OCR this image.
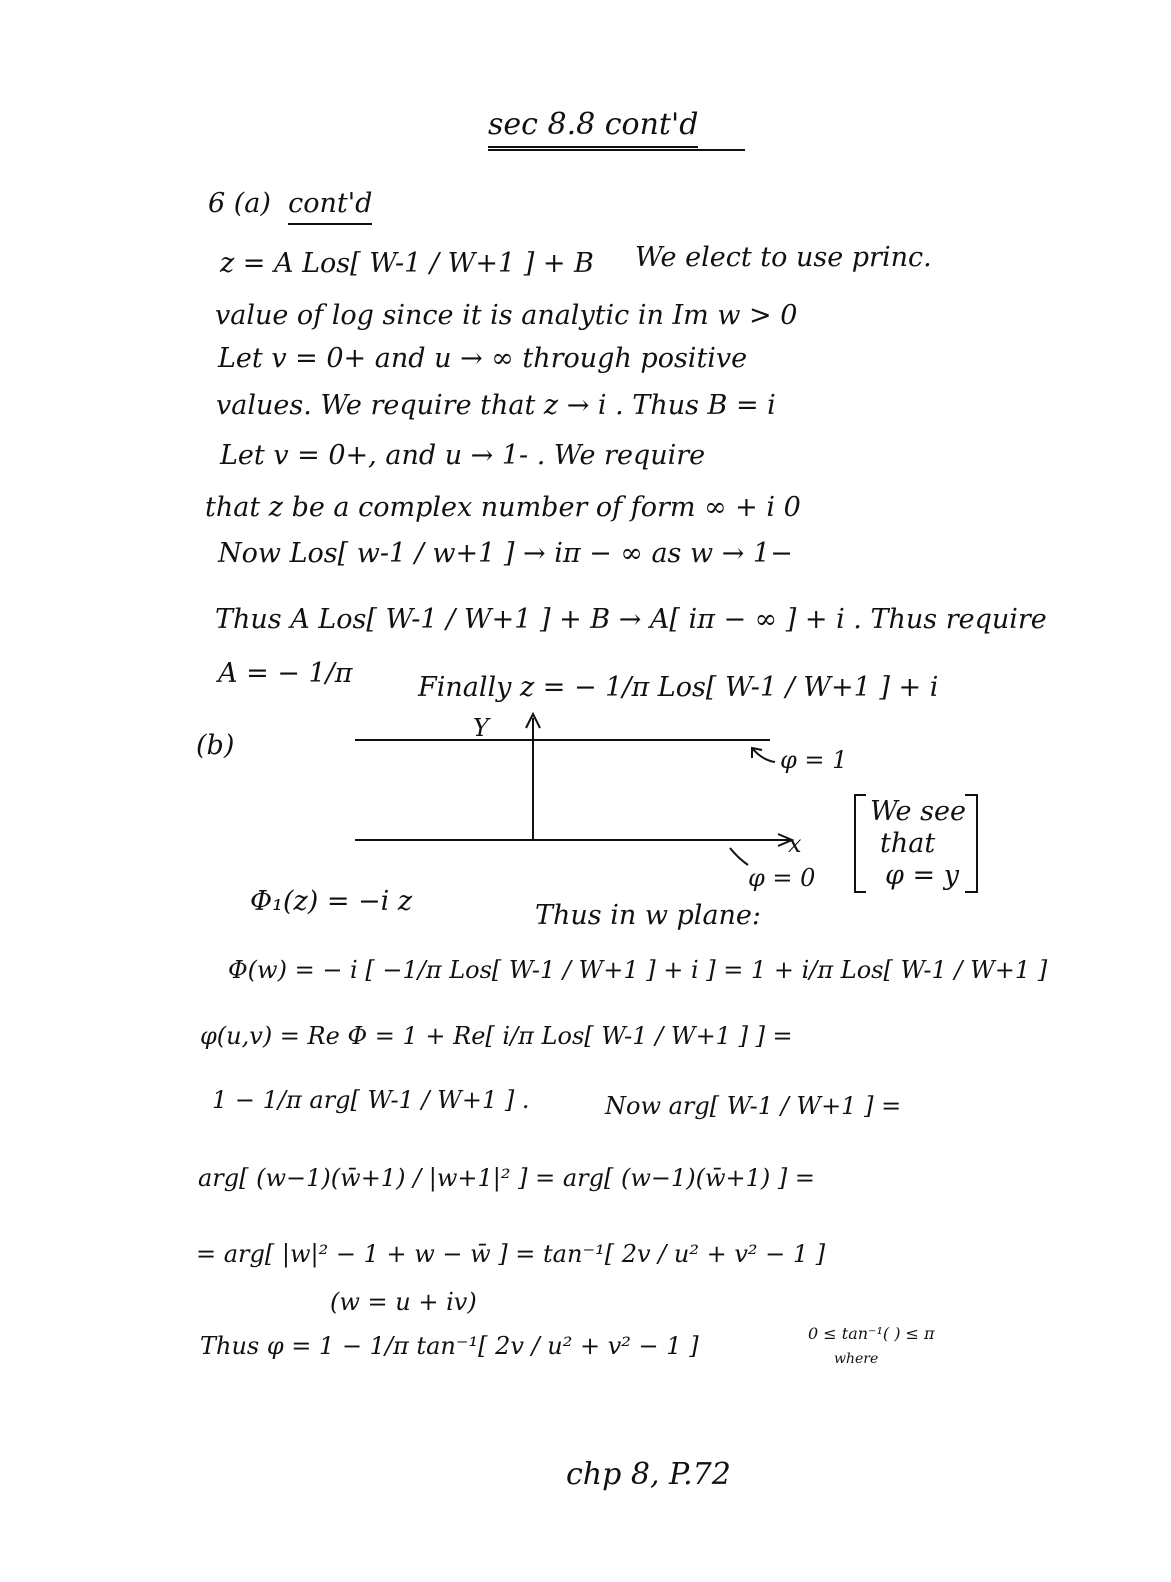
sec 8.8 cont'd
6 (a) cont'd
z = A Los[ W-1 / W+1 ] + B We elect to use princ.
value of log since it is analytic in Im w > 0
Let v = 0+ and u → ∞ through positive
values. We require that z → i . Thus B = i
Let v = 0+, and u → 1- . We require
that z be a complex number of form ∞ + i 0
Now Los[ w-1 / w+1 ] → iπ − ∞ as w → 1−
Thus A Los[ W-1 / W+1 ] + B → A[ iπ − ∞ ] + i . Thus require
A = − 1/π Finally z = − 1/π Los[ W-1 / W+1 ] + i
(b)
Y
x
φ = 1
φ = 0
We see
that
φ = y
Φ₁(z) = −i z	Thus in w plane:
Φ(w) = − i [ −1/π Los[ W-1 / W+1 ] + i ] = 1 + i/π Los[ W-1 / W+1 ]
φ(u,v) = Re Φ = 1 + Re[ i/π Los[ W-1 / W+1 ] ] =
1 − 1/π arg[ W-1 / W+1 ] .	Now arg[ W-1 / W+1 ] =
arg[ (w−1)(w̄+1) / |w+1|² ] = arg[ (w−1)(w̄+1) ] =
= arg[ |w|² − 1 + w − w̄ ] = tan⁻¹[ 2v / u² + v² − 1 ]
(w = u + iv)
Thus φ = 1 − 1/π tan⁻¹[ 2v / u² + v² − 1 ]	0 ≤ tan⁻¹( ) ≤ π
where
chp 8, P.72
